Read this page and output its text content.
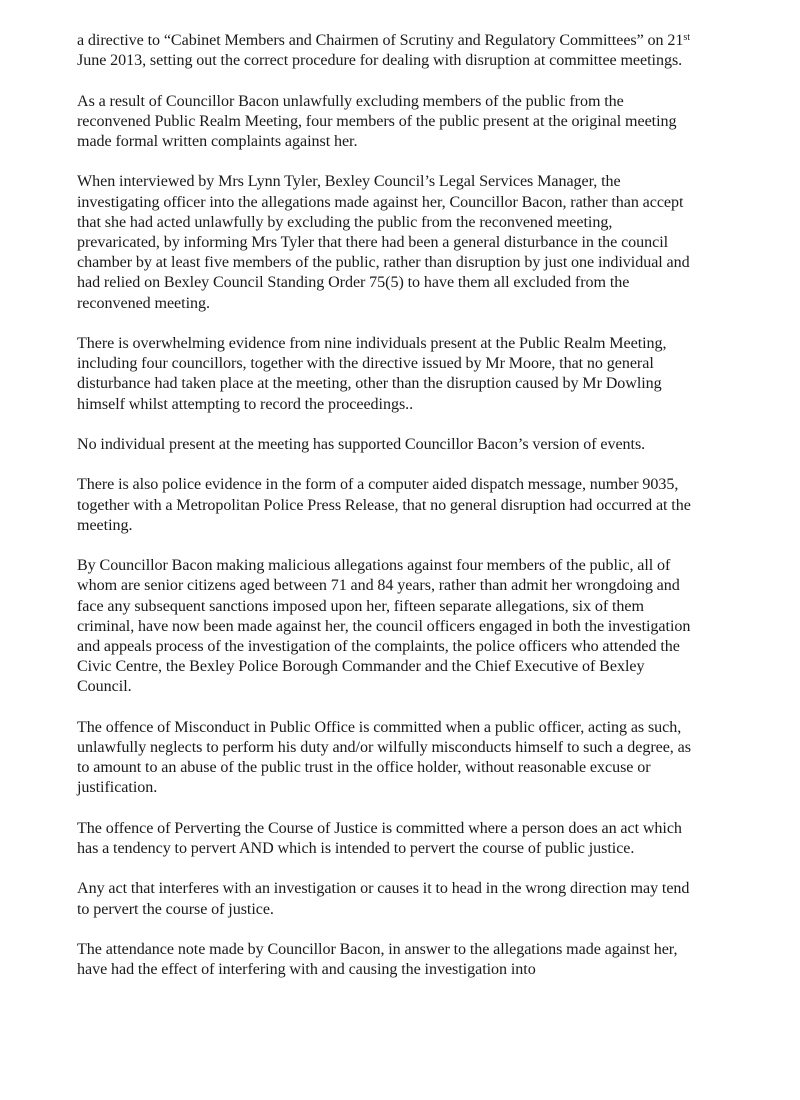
a directive to “Cabinet Members and Chairmen of Scrutiny and Regulatory Committees” on 21st June 2013, setting out the correct procedure for dealing with disruption at committee meetings.

As a result of Councillor Bacon unlawfully excluding members of the public from the reconvened Public Realm Meeting, four members of the public present at the original meeting made formal written complaints against her.

When interviewed by Mrs Lynn Tyler, Bexley Council’s Legal Services Manager, the investigating officer into the allegations made against her, Councillor Bacon, rather than accept that she had acted unlawfully by excluding the public from the reconvened meeting, prevaricated, by informing Mrs Tyler that there had been a general disturbance in the council chamber by at least five members of the public, rather than disruption by just one individual and had relied on Bexley Council Standing Order 75(5) to have them all excluded from the reconvened meeting.

There is overwhelming evidence from nine individuals present at the Public Realm Meeting, including four councillors, together with the directive issued by Mr Moore, that no general disturbance had taken place at the meeting, other than the disruption caused by Mr Dowling himself whilst attempting to record the proceedings..

No individual present at the meeting has supported Councillor Bacon’s version of events.

There is also police evidence in the form of a computer aided dispatch message, number 9035, together with a Metropolitan Police Press Release, that no general disruption had occurred at the meeting.

By Councillor Bacon making malicious allegations against four members of the public, all of whom are senior citizens aged between 71 and 84 years, rather than admit her wrongdoing and face any subsequent sanctions imposed upon her, fifteen separate allegations, six of them criminal, have now been made against her, the council officers engaged in both the investigation and appeals process of the investigation of the complaints, the police officers who attended the Civic Centre, the Bexley Police Borough Commander and the Chief Executive of Bexley Council.

The offence of Misconduct in Public Office is committed when a public officer, acting as such, unlawfully neglects to perform his duty and/or wilfully misconducts himself to such a degree, as to amount to an abuse of the public trust in the office holder, without reasonable excuse or justification.

The offence of Perverting the Course of Justice is committed where a person does an act which has a tendency to pervert AND which is intended to pervert the course of public justice.

Any act that interferes with an investigation or causes it to head in the wrong direction may tend to pervert the course of justice.

The attendance note made by Councillor Bacon, in answer to the allegations made against her, have had the effect of interfering with and causing the investigation into
